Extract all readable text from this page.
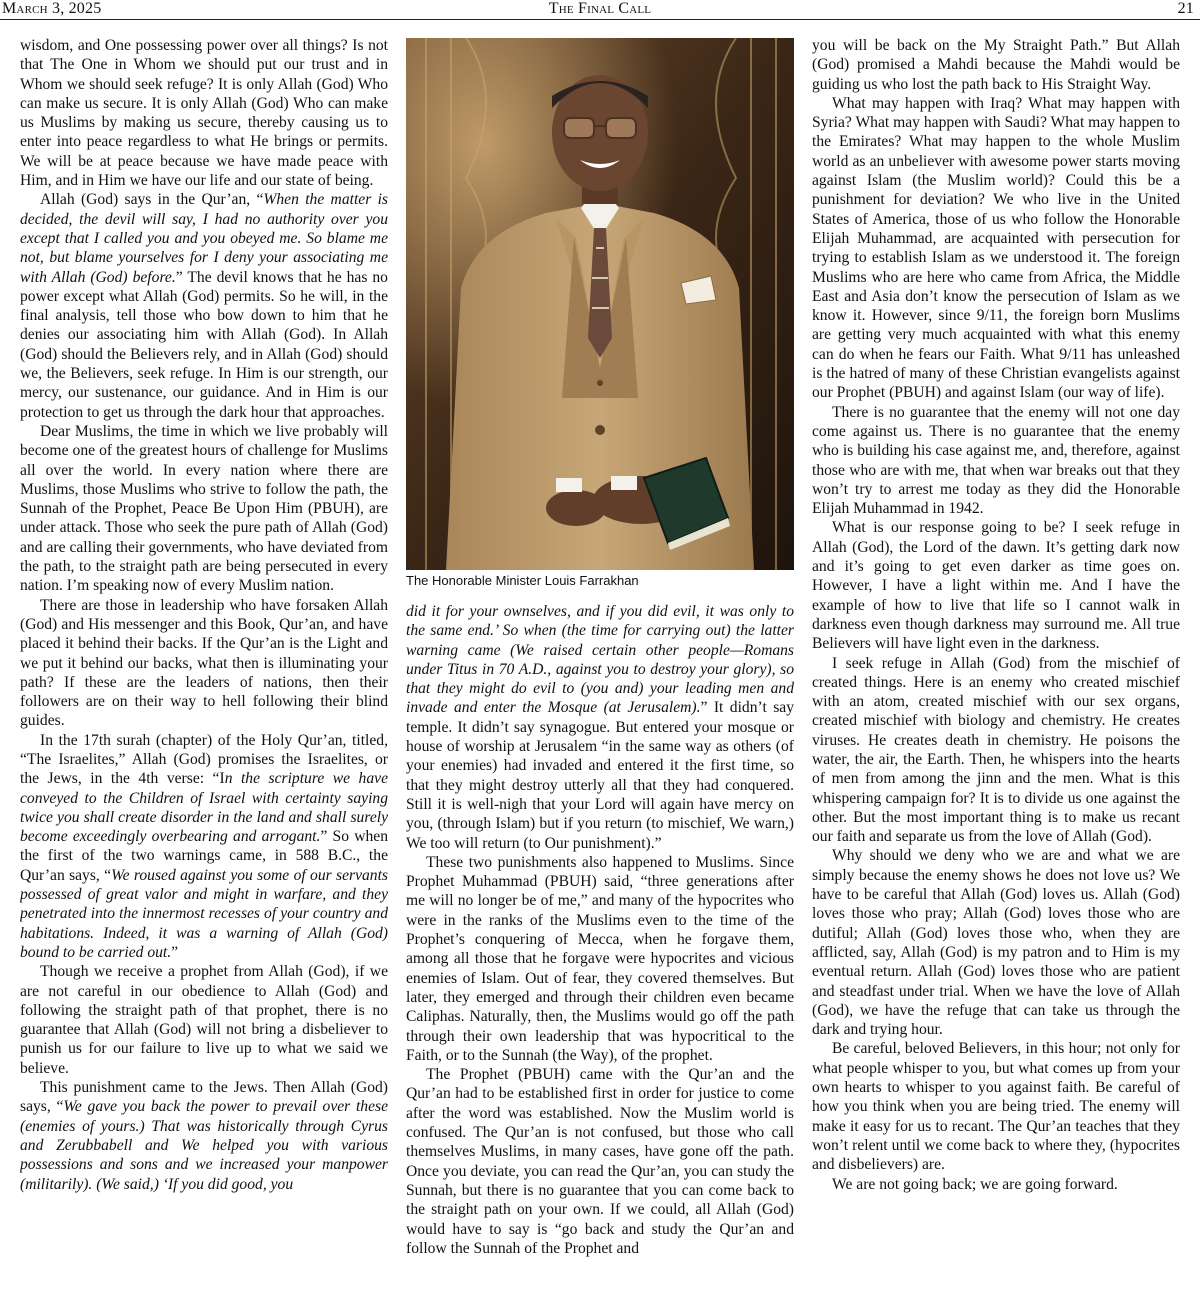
March 3, 2025	The Final Call	21

wisdom, and One possessing power over all things? Is not that The One in Whom we should put our trust and in Whom we should seek refuge? It is only Allah (God) Who can make us secure. It is only Allah (God) Who can make us Muslims by making us secure, thereby causing us to enter into peace regardless to what He brings or permits. We will be at peace because we have made peace with Him, and in Him we have our life and our state of being.

Allah (God) says in the Qur’an, “When the matter is decided, the devil will say, I had no authority over you except that I called you and you obeyed me. So blame me not, but blame yourselves for I deny your associating me with Allah (God) before.” The devil knows that he has no power except what Allah (God) permits. So he will, in the final analysis, tell those who bow down to him that he denies our associating him with Allah (God). In Allah (God) should the Believers rely, and in Allah (God) should we, the Believers, seek refuge. In Him is our strength, our mercy, our sustenance, our guidance. And in Him is our protection to get us through the dark hour that approaches.

Dear Muslims, the time in which we live probably will become one of the greatest hours of challenge for Muslims all over the world. In every nation where there are Muslims, those Muslims who strive to follow the path, the Sunnah of the Prophet, Peace Be Upon Him (PBUH), are under attack. Those who seek the pure path of Allah (God) and are calling their governments, who have deviated from the path, to the straight path are being persecuted in every nation. I’m speaking now of every Muslim nation.

There are those in leadership who have forsaken Allah (God) and His messenger and this Book, Qur’an, and have placed it behind their backs. If the Qur’an is the Light and we put it behind our backs, what then is illuminating your path? If these are the leaders of nations, then their followers are on their way to hell following their blind guides.

In the 17th surah (chapter) of the Holy Qur’an, titled, “The Israelites,” Allah (God) promises the Israelites, or the Jews, in the 4th verse: “In the scripture we have conveyed to the Children of Israel with certainty saying twice you shall create disorder in the land and shall surely become exceedingly overbearing and arrogant.” So when the first of the two warnings came, in 588 B.C., the Qur’an says, “We roused against you some of our servants possessed of great valor and might in warfare, and they penetrated into the innermost recesses of your country and habitations. Indeed, it was a warning of Allah (God) bound to be carried out.”

Though we receive a prophet from Allah (God), if we are not careful in our obedience to Allah (God) and following the straight path of that prophet, there is no guarantee that Allah (God) will not bring a disbeliever to punish us for our failure to live up to what we said we believe.

This punishment came to the Jews. Then Allah (God) says, “We gave you back the power to prevail over these (enemies of yours.) That was historically through Cyrus and Zerubbabell and We helped you with various possessions and sons and we increased your manpower (militarily). (We said,) ‘If you did good, you

The Honorable Minister Louis Farrakhan

did it for your ownselves, and if you did evil, it was only to the same end.’ So when (the time for carrying out) the latter warning came (We raised certain other people—Romans under Titus in 70 A.D., against you to destroy your glory), so that they might do evil to (you and) your leading men and invade and enter the Mosque (at Jerusalem).” It didn’t say temple. It didn’t say synagogue. But entered your mosque or house of worship at Jerusalem “in the same way as others (of your enemies) had invaded and entered it the first time, so that they might destroy utterly all that they had conquered. Still it is well-nigh that your Lord will again have mercy on you, (through Islam) but if you return (to mischief, We warn,) We too will return (to Our punishment).”

These two punishments also happened to Muslims. Since Prophet Muhammad (PBUH) said, “three generations after me will no longer be of me,” and many of the hypocrites who were in the ranks of the Muslims even to the time of the Prophet’s conquering of Mecca, when he forgave them, among all those that he forgave were hypocrites and vicious enemies of Islam. Out of fear, they covered themselves. But later, they emerged and through their children even became Caliphas. Naturally, then, the Muslims would go off the path through their own leadership that was hypocritical to the Faith, or to the Sunnah (the Way), of the prophet.

The Prophet (PBUH) came with the Qur’an and the Qur’an had to be established first in order for justice to come after the word was established. Now the Muslim world is confused. The Qur’an is not confused, but those who call themselves Muslims, in many cases, have gone off the path. Once you deviate, you can read the Qur’an, you can study the Sunnah, but there is no guarantee that you can come back to the straight path on your own. If we could, all Allah (God) would have to say is “go back and study the Qur’an and follow the Sunnah of the Prophet and

you will be back on the My Straight Path.” But Allah (God) promised a Mahdi because the Mahdi would be guiding us who lost the path back to His Straight Way.

What may happen with Iraq? What may happen with Syria? What may happen with Saudi? What may happen to the Emirates? What may happen to the whole Muslim world as an unbeliever with awesome power starts moving against Islam (the Muslim world)? Could this be a punishment for deviation? We who live in the United States of America, those of us who follow the Honorable Elijah Muhammad, are acquainted with persecution for trying to establish Islam as we understood it. The foreign Muslims who are here who came from Africa, the Middle East and Asia don’t know the persecution of Islam as we know it. However, since 9/11, the foreign born Muslims are getting very much acquainted with what this enemy can do when he fears our Faith. What 9/11 has unleashed is the hatred of many of these Christian evangelists against our Prophet (PBUH) and against Islam (our way of life).

There is no guarantee that the enemy will not one day come against us. There is no guarantee that the enemy who is building his case against me, and, therefore, against those who are with me, that when war breaks out that they won’t try to arrest me today as they did the Honorable Elijah Muhammad in 1942.

What is our response going to be? I seek refuge in Allah (God), the Lord of the dawn. It’s getting dark now and it’s going to get even darker as time goes on. However, I have a light within me. And I have the example of how to live that life so I cannot walk in darkness even though darkness may surround me. All true Believers will have light even in the darkness.

I seek refuge in Allah (God) from the mischief of created things. Here is an enemy who created mischief with an atom, created mischief with our sex organs, created mischief with biology and chemistry. He creates viruses. He creates death in chemistry. He poisons the water, the air, the Earth. Then, he whispers into the hearts of men from among the jinn and the men. What is this whispering campaign for? It is to divide us one against the other. But the most important thing is to make us recant our faith and separate us from the love of Allah (God).

Why should we deny who we are and what we are simply because the enemy shows he does not love us? We have to be careful that Allah (God) loves us. Allah (God) loves those who pray; Allah (God) loves those who are dutiful; Allah (God) loves those who, when they are afflicted, say, Allah (God) is my patron and to Him is my eventual return. Allah (God) loves those who are patient and steadfast under trial. When we have the love of Allah (God), we have the refuge that can take us through the dark and trying hour.

Be careful, beloved Believers, in this hour; not only for what people whisper to you, but what comes up from your own hearts to whisper to you against faith. Be careful of how you think when you are being tried. The enemy will make it easy for us to recant. The Qur’an teaches that they won’t relent until we come back to where they, (hypocrites and disbelievers) are.

We are not going back; we are going forward.
